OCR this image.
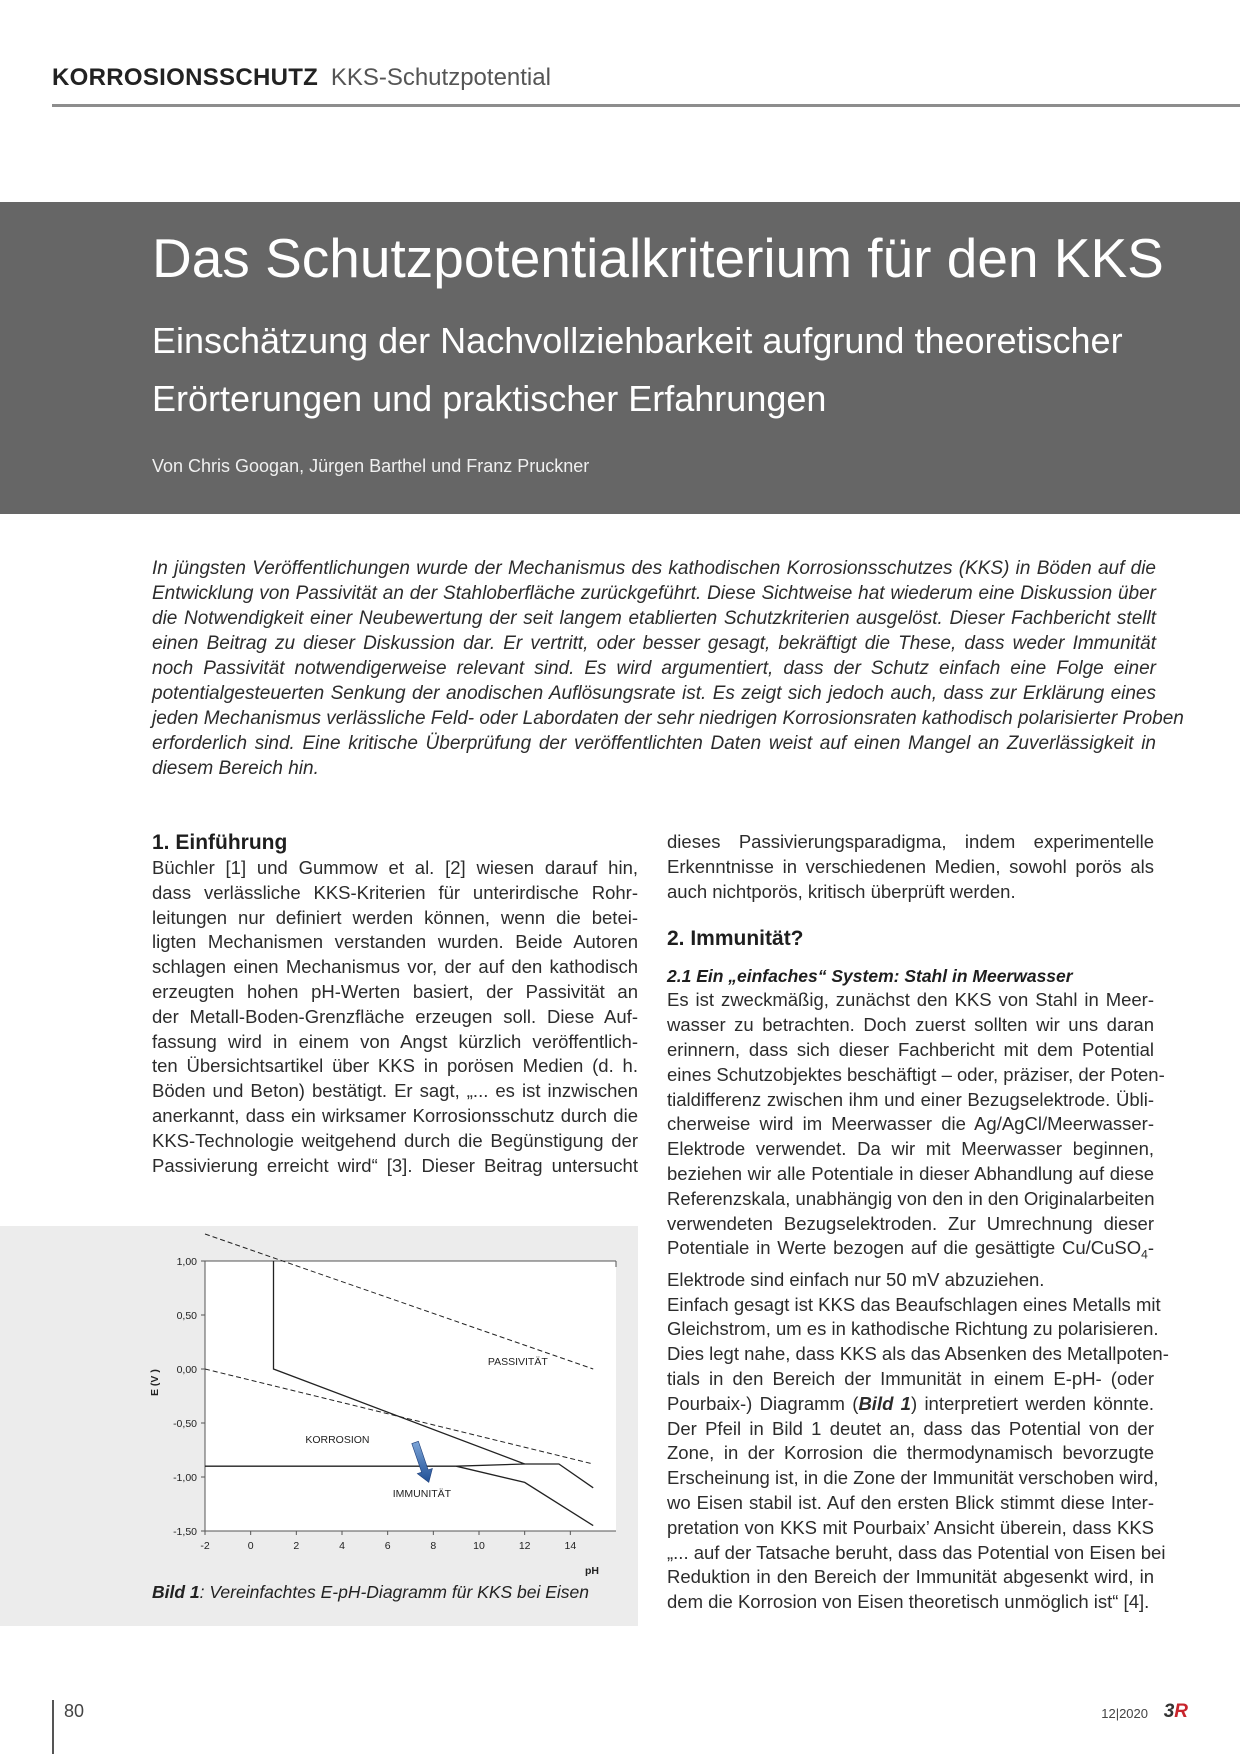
KORROSIONSSCHUTZ KKS-Schutzpotential
Das Schutzpotentialkriterium für den KKS
Einschätzung der Nachvollziehbarkeit aufgrund theoretischer
Erörterungen und praktischer Erfahrungen
Von Chris Googan, Jürgen Barthel und Franz Pruckner
In jüngsten Veröffentlichungen wurde der Mechanismus des kathodischen Korrosionsschutzes (KKS) in Böden auf die
Entwicklung von Passivität an der Stahloberfläche zurückgeführt. Diese Sichtweise hat wiederum eine Diskussion über
die Notwendigkeit einer Neubewertung der seit langem etablierten Schutzkriterien ausgelöst. Dieser Fachbericht stellt
einen Beitrag zu dieser Diskussion dar. Er vertritt, oder besser gesagt, bekräftigt die These, dass weder Immunität
noch Passivität notwendigerweise relevant sind. Es wird argumentiert, dass der Schutz einfach eine Folge einer
potentialgesteuerten Senkung der anodischen Auflösungsrate ist. Es zeigt sich jedoch auch, dass zur Erklärung eines
jeden Mechanismus verlässliche Feld- oder Labordaten der sehr niedrigen Korrosionsraten kathodisch polarisierter Proben
erforderlich sind. Eine kritische Überprüfung der veröffentlichten Daten weist auf einen Mangel an Zuverlässigkeit in
diesem Bereich hin.
1. Einführung
Büchler [1] und Gummow et al. [2] wiesen darauf hin,
dass verlässliche KKS-Kriterien für unterirdische Rohr-
leitungen nur definiert werden können, wenn die betei-
ligten Mechanismen verstanden wurden. Beide Autoren
schlagen einen Mechanismus vor, der auf den kathodisch
erzeugten hohen pH-Werten basiert, der Passivität an
der Metall-Boden-Grenzfläche erzeugen soll. Diese Auf-
fassung wird in einem von Angst kürzlich veröffentlich-
ten Übersichtsartikel über KKS in porösen Medien (d. h.
Böden und Beton) bestätigt. Er sagt, „... es ist inzwischen
anerkannt, dass ein wirksamer Korrosionsschutz durch die
KKS-Technologie weitgehend durch die Begünstigung der
Passivierung erreicht wird“ [3]. Dieser Beitrag untersucht
dieses Passivierungsparadigma, indem experimentelle
Erkenntnisse in verschiedenen Medien, sowohl porös als
auch nichtporös, kritisch überprüft werden.
2. Immunität?
2.1 Ein „einfaches“ System: Stahl in Meerwasser
Es ist zweckmäßig, zunächst den KKS von Stahl in Meer-
wasser zu betrachten. Doch zuerst sollten wir uns daran
erinnern, dass sich dieser Fachbericht mit dem Potential
eines Schutzobjektes beschäftigt – oder, präziser, der Poten-
tialdifferenz zwischen ihm und einer Bezugselektrode. Übli-
cherweise wird im Meerwasser die Ag/AgCl/Meerwasser-
Elektrode verwendet. Da wir mit Meerwasser beginnen,
beziehen wir alle Potentiale in dieser Abhandlung auf diese
Referenzskala, unabhängig von den in den Originalarbeiten
verwendeten Bezugselektroden. Zur Umrechnung dieser
Potentiale in Werte bezogen auf die gesättigte Cu/CuSO$_4$-
Elektrode sind einfach nur 50 mV abzuziehen.
Einfach gesagt ist KKS das Beaufschlagen eines Metalls mit
Gleichstrom, um es in kathodische Richtung zu polarisieren.
Dies legt nahe, dass KKS als das Absenken des Metallpoten-
tials in den Bereich der Immunität in einem E-pH- (oder
Pourbaix-) Diagramm (Bild 1) interpretiert werden könnte.
Der Pfeil in Bild 1 deutet an, dass das Potential von der
Zone, in der Korrosion die thermodynamisch bevorzugte
Erscheinung ist, in die Zone der Immunität verschoben wird,
wo Eisen stabil ist. Auf den ersten Blick stimmt diese Inter-
pretation von KKS mit Pourbaix’ Ansicht überein, dass KKS
„... auf der Tatsache beruht, dass das Potential von Eisen bei
Reduktion in den Bereich der Immunität abgesenkt wird, in
dem die Korrosion von Eisen theoretisch unmöglich ist“ [4].
1,00
0,50
0,00
-0,50
-1,00
-1,50
-2	0	2	4	6	8	10	12	14
PASSIVITÄT
KORROSION
IMMUNITÄT
E (V )
pH
Bild 1: Vereinfachtes E-pH-Diagramm für KKS bei Eisen
80	12|2020 3R
